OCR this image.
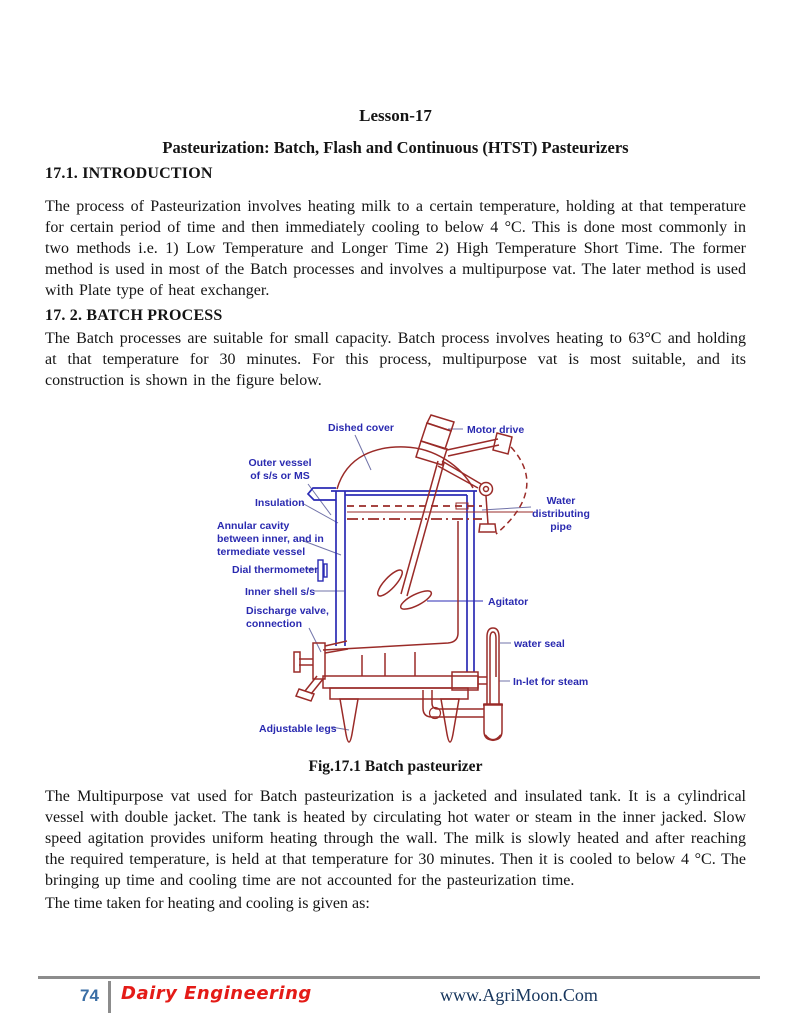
Lesson-17
Pasteurization: Batch, Flash and Continuous (HTST) Pasteurizers
17.1. INTRODUCTION

The process of Pasteurization involves heating milk to a certain temperature, holding at that temperature for certain period of time and then immediately cooling to below 4 °C. This is done most commonly in two methods i.e. 1) Low Temperature and Longer Time 2) High Temperature Short Time. The former method is used in most of the Batch processes and involves a multipurpose vat. The later method is used with Plate type of heat exchanger.

17. 2. BATCH PROCESS

The Batch processes are suitable for small capacity. Batch process involves heating to 63°C and holding at that temperature for 30 minutes. For this process, multipurpose vat is most suitable, and its construction is shown in the figure below.

Dished cover	Motor drive
Outer vessel
of s/s or MS
Insulation
Annular cavity
between inner, and in
termediate vessel
Dial thermometer
Inner shell s/s
Discharge valve,
connection
Adjustable legs
Water
distributing
pipe
Agitator
water seal
In-let for steam
Fig.17.1 Batch pasteurizer

The Multipurpose vat used for Batch pasteurization is a jacketed and insulated tank. It is a cylindrical vessel with double jacket. The tank is heated by circulating hot water or steam in the inner jacked. Slow speed agitation provides uniform heating through the wall. The milk is slowly heated and after reaching the required temperature, is held at that temperature for 30 minutes. Then it is cooled to below 4 °C. The bringing up time and cooling time are not accounted for the pasteurization time.

The time taken for heating and cooling is given as:

74 Dairy Engineering	www.AgriMoon.Com
